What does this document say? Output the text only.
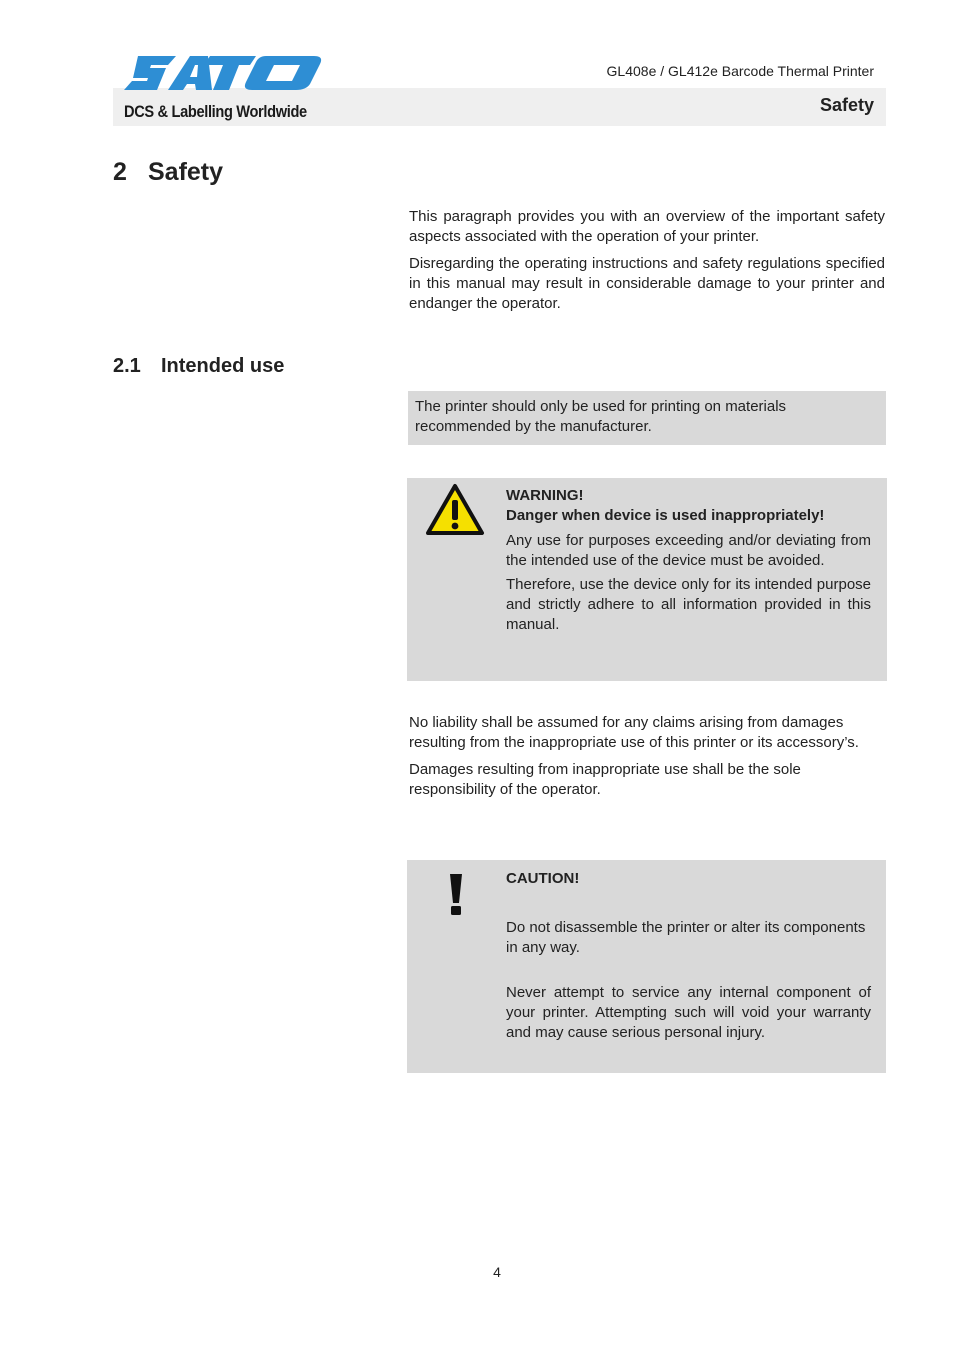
DCS & Labelling Worldwide
GL408e / GL412e Barcode Thermal Printer
Safety
2 Safety

This paragraph provides you with an overview of the important safety aspects associated with the operation of your printer.

Disregarding the operating instructions and safety regulations specified in this manual may result in considerable damage to your printer and endanger the operator.

2.1 Intended use
The printer should only be used for printing on materials recommended by the manufacturer.
WARNING!
Danger when device is used inappropriately!

Any use for purposes exceeding and/or deviating from the intended use of the device must be avoided.

Therefore, use the device only for its intended purpose and strictly adhere to all information provided in this manual.

No liability shall be assumed for any claims arising from damages resulting from the inappropriate use of this printer or its accessory’s.

Damages resulting from inappropriate use shall be the sole responsibility of the operator.

CAUTION!
Do not disassemble the printer or alter its components in any way.
Never attempt to service any internal component of your printer. Attempting such will void your warranty and may cause serious personal injury.
4
